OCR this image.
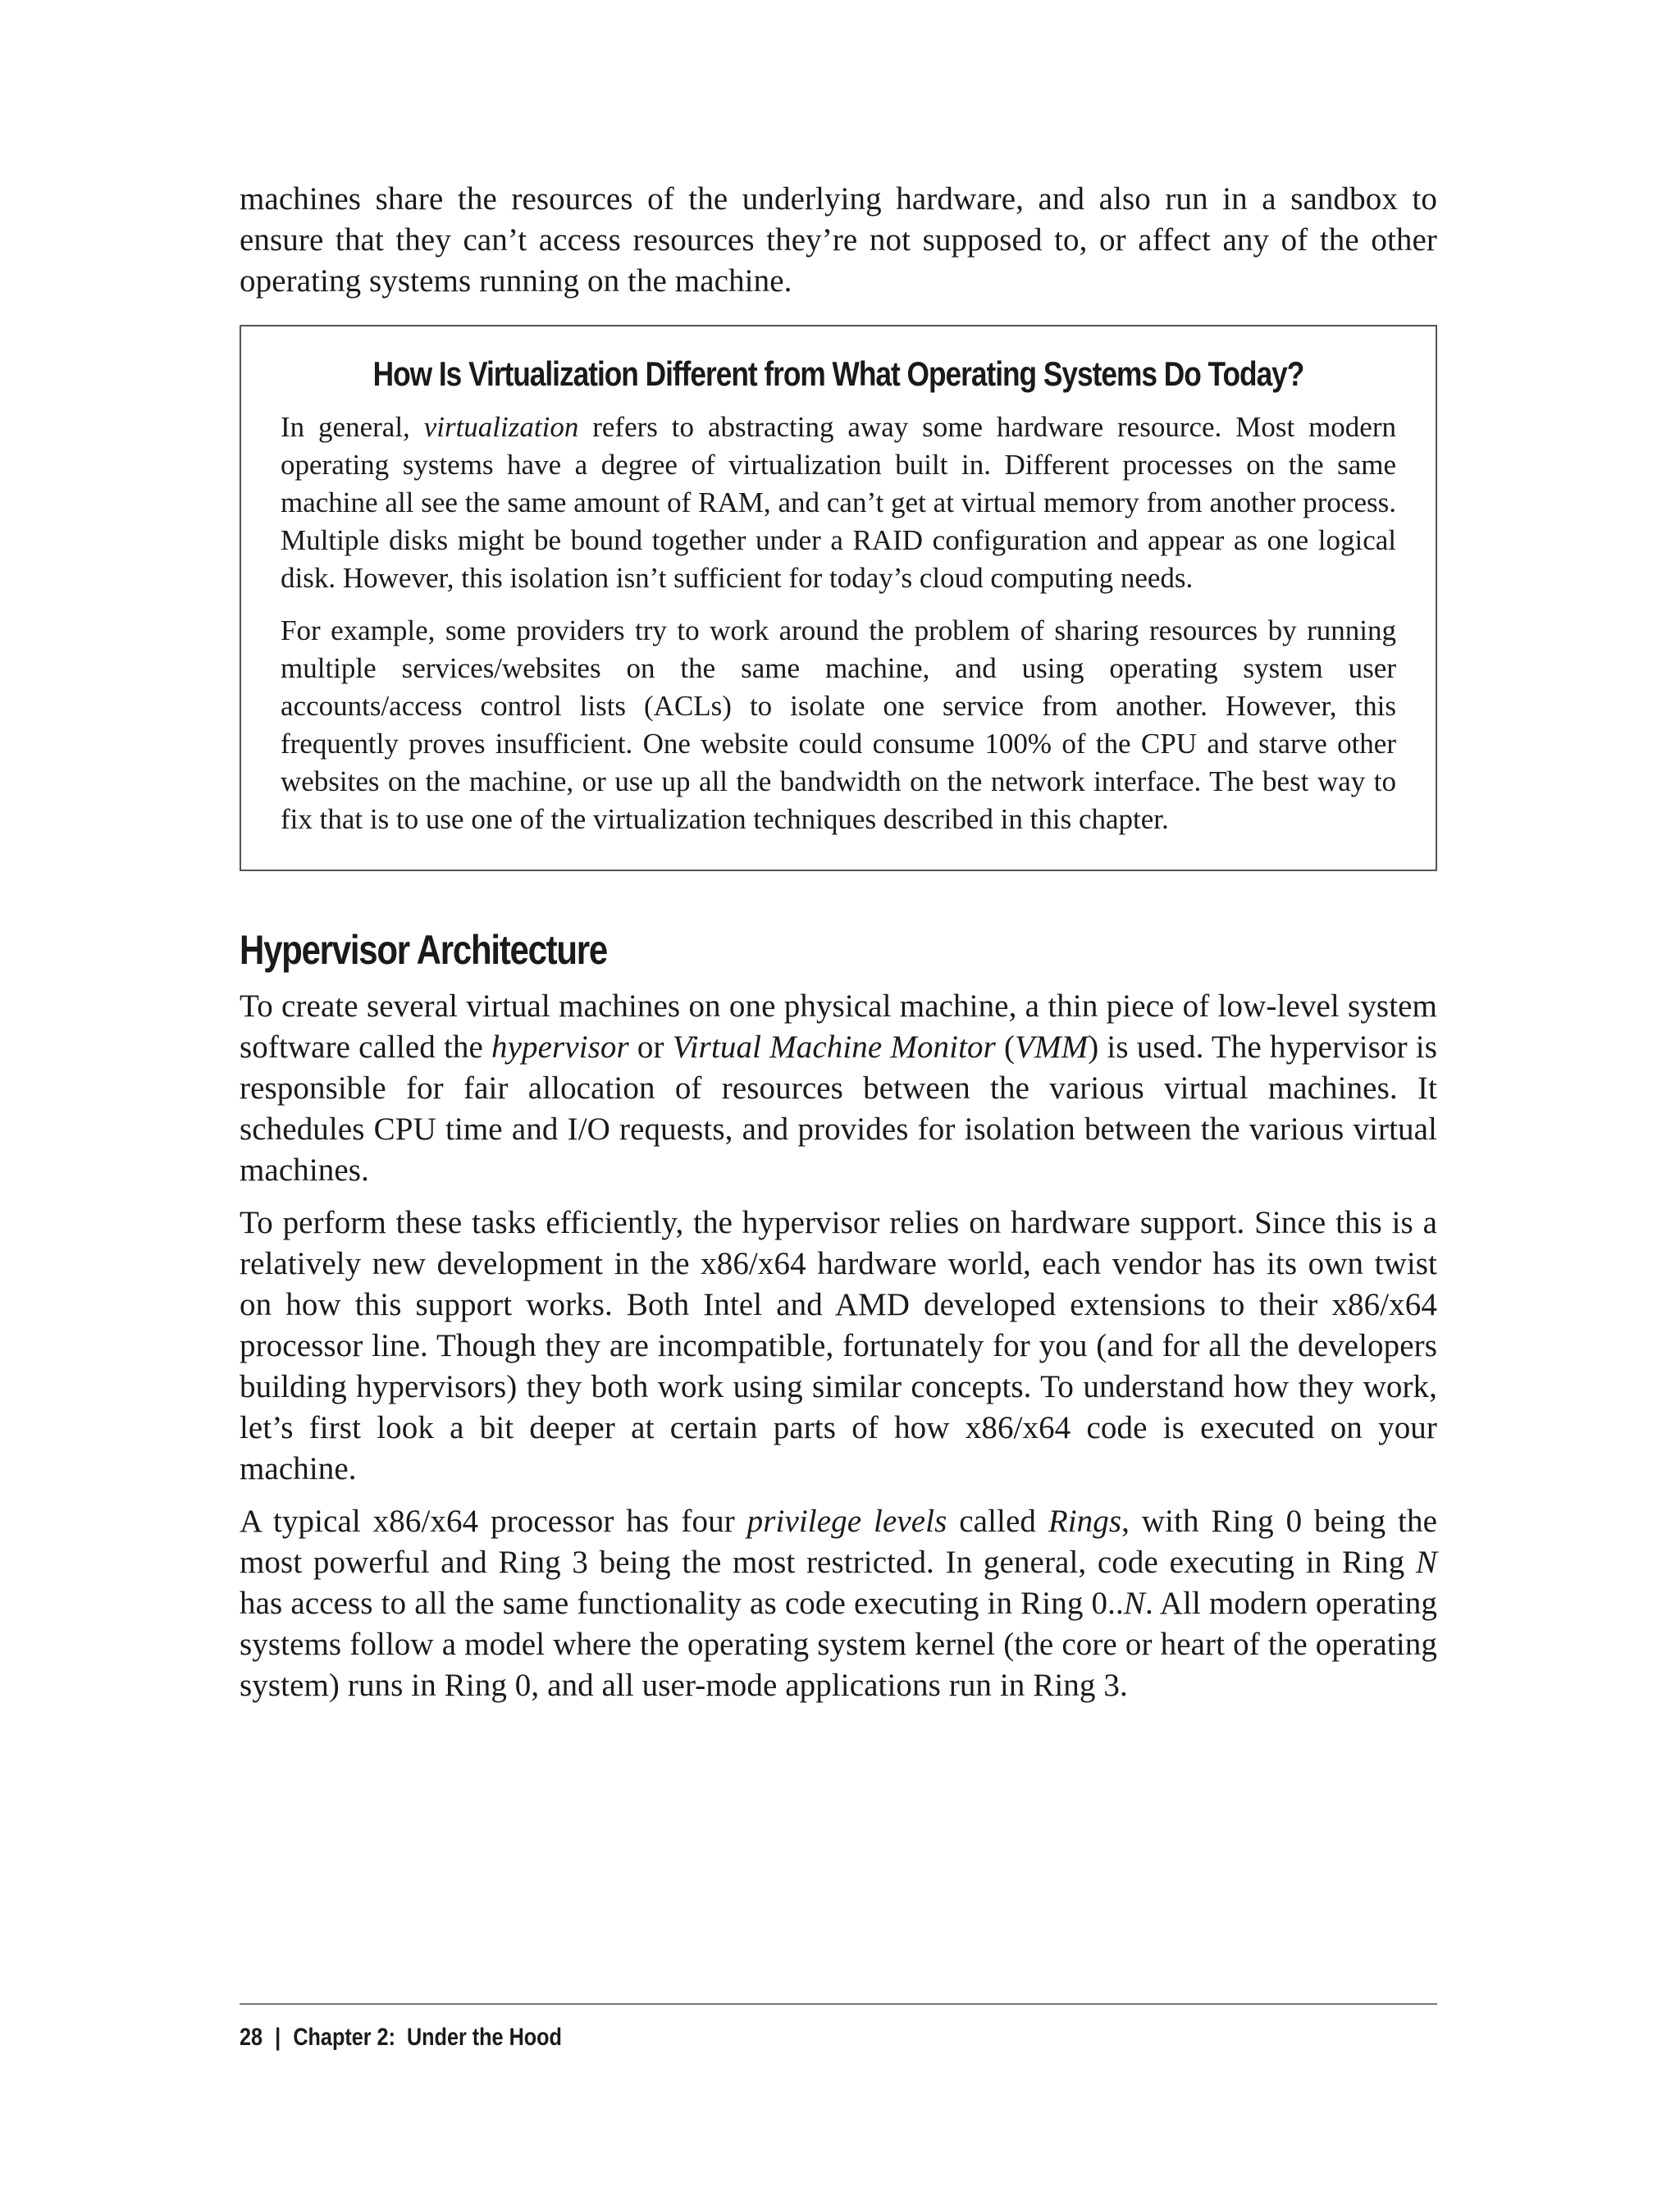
machines share the resources of the underlying hardware, and also run in a sandbox to ensure that they can’t access resources they’re not supposed to, or affect any of the other operating systems running on the machine.

How Is Virtualization Different from What Operating Systems Do Today?

In general, virtualization refers to abstracting away some hardware resource. Most modern operating systems have a degree of virtualization built in. Different processes on the same machine all see the same amount of RAM, and can’t get at virtual memory from another process. Multiple disks might be bound together under a RAID configuration and appear as one logical disk. However, this isolation isn’t sufficient for today’s cloud computing needs.

For example, some providers try to work around the problem of sharing resources by running multiple services/websites on the same machine, and using operating system user accounts/access control lists (ACLs) to isolate one service from another. However, this frequently proves insufficient. One website could consume 100% of the CPU and starve other websites on the machine, or use up all the bandwidth on the network interface. The best way to fix that is to use one of the virtualization techniques described in this chapter.

Hypervisor Architecture

To create several virtual machines on one physical machine, a thin piece of low-level system software called the hypervisor or Virtual Machine Monitor (VMM) is used. The hypervisor is responsible for fair allocation of resources between the various virtual machines. It schedules CPU time and I/O requests, and provides for isolation between the various virtual machines.

To perform these tasks efficiently, the hypervisor relies on hardware support. Since this is a relatively new development in the x86/x64 hardware world, each vendor has its own twist on how this support works. Both Intel and AMD developed extensions to their x86/x64 processor line. Though they are incompatible, fortunately for you (and for all the developers building hypervisors) they both work using similar concepts. To understand how they work, let’s first look a bit deeper at certain parts of how x86/x64 code is executed on your machine.

A typical x86/x64 processor has four privilege levels called Rings, with Ring 0 being the most powerful and Ring 3 being the most restricted. In general, code executing in Ring N has access to all the same functionality as code executing in Ring 0..N. All modern operating systems follow a model where the operating system kernel (the core or heart of the operating system) runs in Ring 0, and all user-mode applications run in Ring 3.

28 | Chapter 2:  Under the Hood
